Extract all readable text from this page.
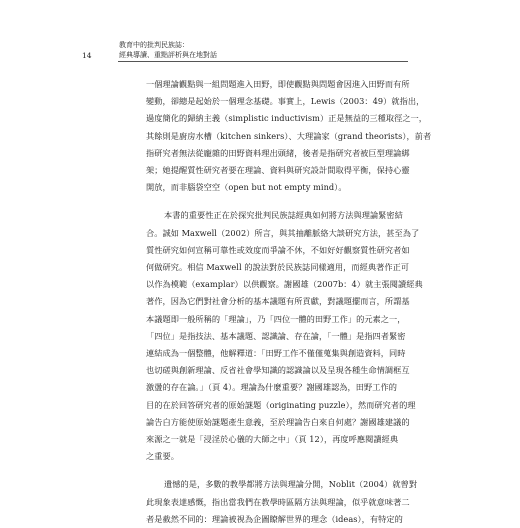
14
教育中的批判民族誌：
經典導讀、重點評析與在地對話
一個理論觀點與一組問題進入田野，即使觀點與問題會因進入田野而有所
變動，卻總是起始於一個理念基礎。事實上，Lewis（2003：49）就指出，
過度簡化的歸納主義（simplistic inductivism）正是無益的三種取徑之一，
其餘則是廚房水槽（kitchen sinkers）、大理論家（grand theorists），前者
指研究者無法從龐雜的田野資料理出頭緒，後者是指研究者被巨型理論綁
架；她提醒質性研究者要在理論、資料與研究設計間取得平衡，保持心靈
開放，而非腦袋空空（open but not empty mind）。
本書的重要性正在於探究批判民族誌經典如何將方法與理論緊密結
合。誠如 Maxwell（2002）所言，與其抽離脈絡大談研究方法，甚至為了
質性研究如何宣稱可靠性或效度而爭論不休，不如好好觀察質性研究者如
何做研究。相信 Maxwell 的說法對於民族誌同樣適用，而經典著作正可
以作為模範（examplar）以供觀察。謝國雄（2007b：4）就主張閱讀經典
著作，因為它們對社會分析的基本議題有所貢獻，對議題擺而言，所謂基
本議題即一般所稱的「理論」，乃「四位一體的田野工作」的元素之一，
「四位」是指技法、基本議題、認識論、存在論，「一體」是指四者緊密
連結成為一個整體，他解釋道：「田野工作不僅僅蒐集與創造資料，同時
也切磋與創新理論、反省社會學知識的認識論以及呈現各種生命情調框互
激盪的存在論。」（頁 4）。理論為什麼重要？謝國雄認為，田野工作的
目的在於回答研究者的原始謎題（originating puzzle），然而研究者的理
論告白方能使原始謎題產生意義，至於理論告白來自何處？謝國雄建議的
來源之一就是「浸淫於心儀的大師之中」（頁 12），再度呼應閱讀經典
之重要。
遺憾的是，多數的教學都將方法與理論分開，Noblit（2004）就曾對
此現象表達感慨，指出當我們在教學時區隔方法與理論，似乎就意味著二
者是截然不同的：理論被視為企圖瞭解世界的理念（ideas），有特定的
